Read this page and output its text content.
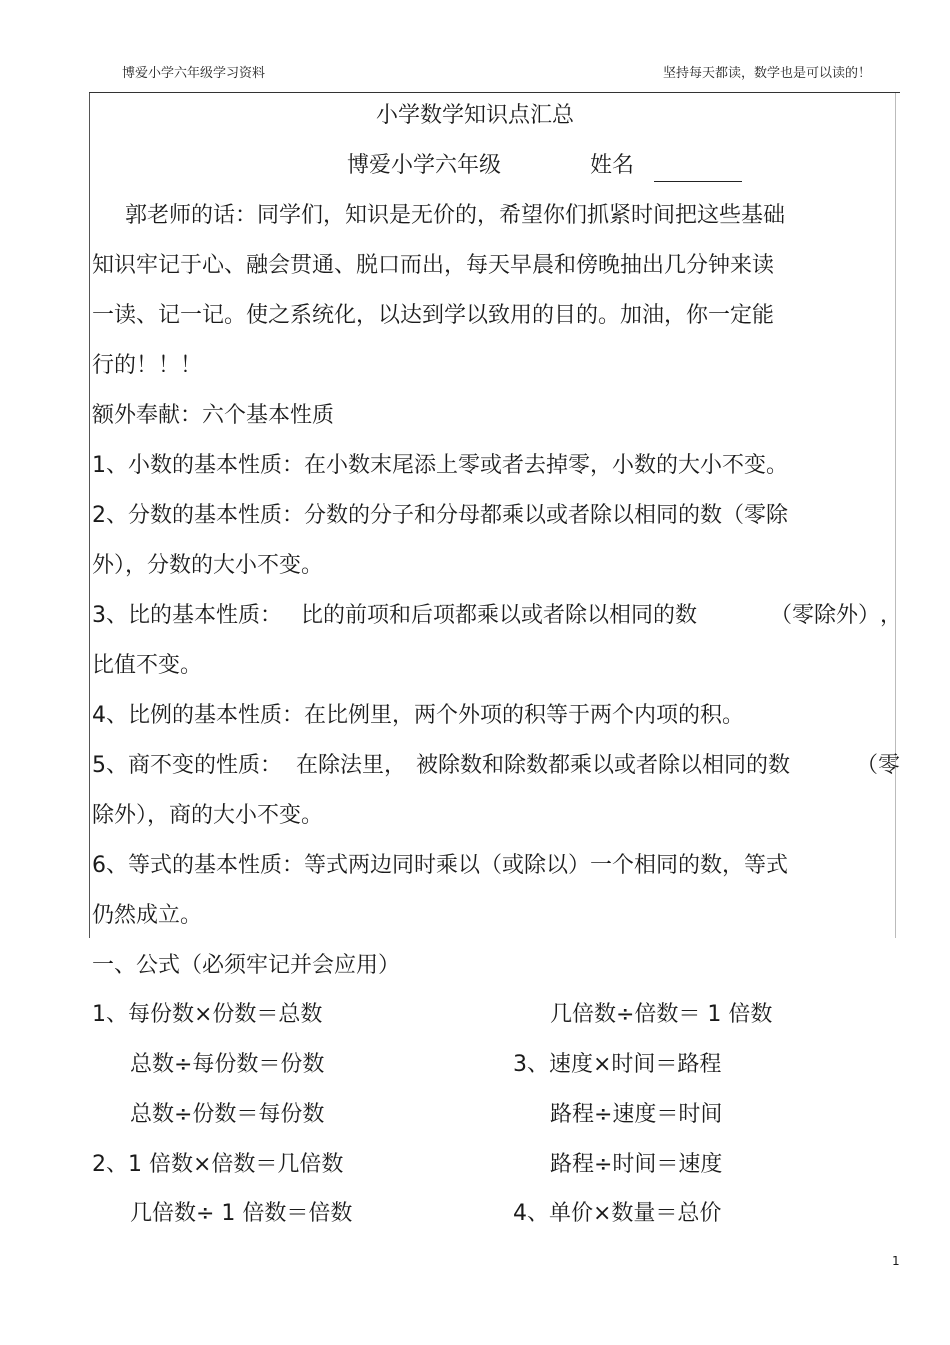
博爱小学六年级学习资料	坚持每天都读，数学也是可以读的！
小学数学知识点汇总
博爱小学六年级	姓名
郭老师的话：同学们，知识是无价的，希望你们抓紧时间把这些基础
知识牢记于心、融会贯通、脱口而出，每天早晨和傍晚抽出几分钟来读
一读、记一记。使之系统化，以达到学以致用的目的。加油，你一定能
行的！！！
额外奉献：六个基本性质
1、小数的基本性质：在小数末尾添上零或者去掉零，小数的大小不变。
2、分数的基本性质：分数的分子和分母都乘以或者除以相同的数（零除
外），分数的大小不变。
3、比的基本性质： 比的前项和后项都乘以或者除以相同的数	（零除外） ，
比值不变。
4、比例的基本性质：在比例里，两个外项的积等于两个内项的积。
5、商不变的性质： 在除法里， 被除数和除数都乘以或者除以相同的数	（零
除外），商的大小不变。
6、等式的基本性质：等式两边同时乘以（或除以）一个相同的数，等式
仍然成立。
一、公式（必须牢记并会应用）
1、每份数×份数＝总数
总数÷每份数＝份数
总数÷份数＝每份数
2、1 倍数×倍数＝几倍数
几倍数÷ 1 倍数＝倍数
几倍数÷倍数＝ 1 倍数
3、速度×时间＝路程
路程÷速度＝时间
路程÷时间＝速度
4、单价×数量＝总价
1
